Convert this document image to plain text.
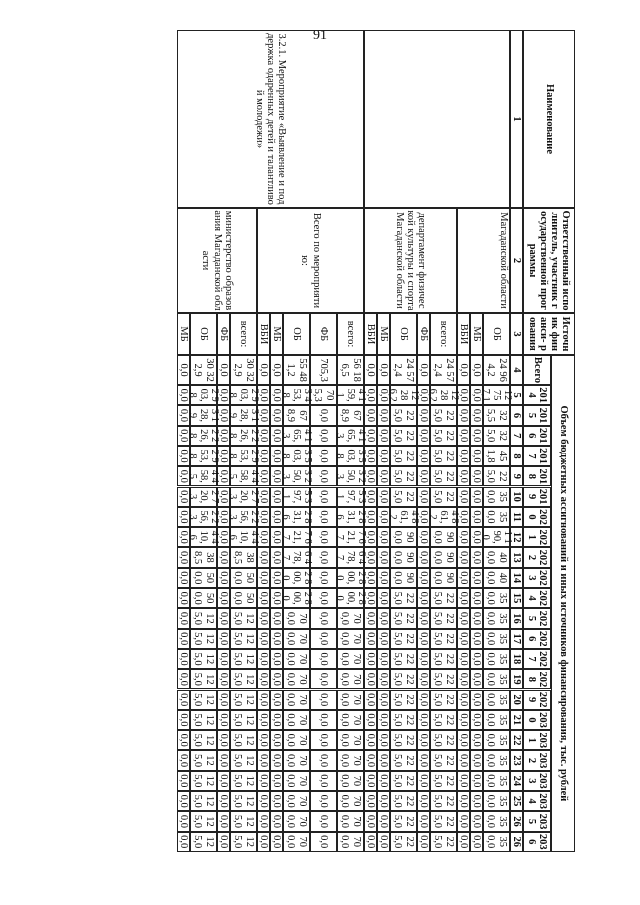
91
Наименование
Ответственный исполнитель, участник государственной программы
Источник финанси- рования
Всего
Объем бюджетных ассигнований и иных источников финансирования, тыс. рублей
2014
2015
2016
2017
2018
2019
2020
2021
2022
2023
2024
2025
2026
2027
2028
2029
2030
2031
2032
2033
2034
2035
2036
1
2
3
4
5
6
7
8
9
10
11
12
13
14
15
16
17
18
19
20
21
22
23
24
25
26
26
ОБ
24 964,2
12 757,1
325,5
325,0
451,8
225,0
350,0
350,0
1 190,0
400,0
400,0
350,0
350,0
350,0
350,0
350,0
350,0
350,0
350,0
350,0
350,0
350,0
350,0
350,0
МБ
0,0
0,0
0,0
0,0
0,0
0,0
0,0
0,0
0,0
0,0
0,0
0,0
0,0
0,0
0,0
0,0
0,0
0,0
0,0
0,0
0,0
0,0
0,0
0,0
ВБИ
0,0
0,0
0,0
0,0
0,0
0,0
0,0
0,0
0,0
0,0
0,0
0,0
0,0
0,0
0,0
0,0
0,0
0,0
0,0
0,0
0,0
0,0
0,0
0,0
Магаданской области
всего:
24 572,4
12 286,2
225,0
225,0
225,0
225,0
225,0
4 861,2
900,0
900,0
900,0
225,0
225,0
225,0
225,0
225,0
225,0
225,0
225,0
225,0
225,0
225,0
225,0
225,0
ФБ
0,0
0,0
0,0
0,0
0,0
0,0
0,0
0,0
0,0
0,0
0,0
0,0
0,0
0,0
0,0
0,0
0,0
0,0
0,0
0,0
0,0
0,0
0,0
0,0
ОБ
24 572,4
12 286,2
225,0
225,0
225,0
225,0
225,0
4 861,2
900,0
900,0
900,0
225,0
225,0
225,0
225,0
225,0
225,0
225,0
225,0
225,0
225,0
225,0
225,0
225,0
МБ
0,0
0,0
0,0
0,0
0,0
0,0
0,0
0,0
0,0
0,0
0,0
0,0
0,0
0,0
0,0
0,0
0,0
0,0
0,0
0,0
0,0
0,0
0,0
0,0
ВБИ
0,0
0,0
0,0
0,0
0,0
0,0
0,0
0,0
0,0
0,0
0,0
0,0
0,0
0,0
0,0
0,0
0,0
0,0
0,0
0,0
0,0
0,0
0,0
0,0
департамент физической культуры и спорта Магаданской области
всего:
56 186,5
4 159,1
678,9
4 165,3
3 503,8
3 250,3
5 397,1
2 831,6
7 621,7
6 478,7
2 800,0
2 800,0
700,0
700,0
700,0
700,0
700,0
700,0
700,0
700,0
700,0
700,0
700,0
700,0
ФБ
705,3
705,3
0,0
0,0
0,0
0,0
0,0
0,0
0,0
0,0
0,0
0,0
0,0
0,0
0,0
0,0
0,0
0,0
0,0
0,0
0,0
0,0
0,0
0,0
ОБ
55 481,2
3 453,8
678,9
4 165,3
3 503,8
3 250,3
5 397,1
2 831,6
7 621,7
6 478,7
2 800,0
2 800,0
700,0
700,0
700,0
700,0
700,0
700,0
700,0
700,0
700,0
700,0
700,0
700,0
МБ
0,0
0,0
0,0
0,0
0,0
0,0
0,0
0,0
0,0
0,0
0,0
0,0
0,0
0,0
0,0
0,0
0,0
0,0
0,0
0,0
0,0
0,0
0,0
0,0
ВБИ
0,0
0,0
0,0
0,0
0,0
0,0
0,0
0,0
0,0
0,0
0,0
0,0
0,0
0,0
0,0
0,0
0,0
0,0
0,0
0,0
0,0
0,0
0,0
0,0
Всего по мероприятию:
всего:
30 322,9
2 903,8
3 128,9
2 226,8
2 953,8
4 458,5
2 720,3
2 256,3
4 410,6
388,5
500,0
500,0
125,0
125,0
125,0
125,0
125,0
125,0
125,0
125,0
125,0
125,0
125,0
125,0
ФБ
0,0
0,0
0,0
0,0
0,0
0,0
0,0
0,0
0,0
0,0
0,0
0,0
0,0
0,0
0,0
0,0
0,0
0,0
0,0
0,0
0,0
0,0
0,0
0,0
ОБ
30 322,9
2 903,8
3 128,9
2 226,8
2 953,8
4 458,5
2 720,3
2 256,3
4 410,6
388,5
500,0
500,0
125,0
125,0
125,0
125,0
125,0
125,0
125,0
125,0
125,0
125,0
125,0
125,0
МБ
0,0
0,0
0,0
0,0
0,0
0,0
0,0
0,0
0,0
0,0
0,0
0,0
0,0
0,0
0,0
0,0
0,0
0,0
0,0
0,0
0,0
0,0
0,0
0,0
министерство образования Магаданской области
3.2.1. Мероприятие «Выявление и поддержка одаренных детей и талантливой молодежи»
